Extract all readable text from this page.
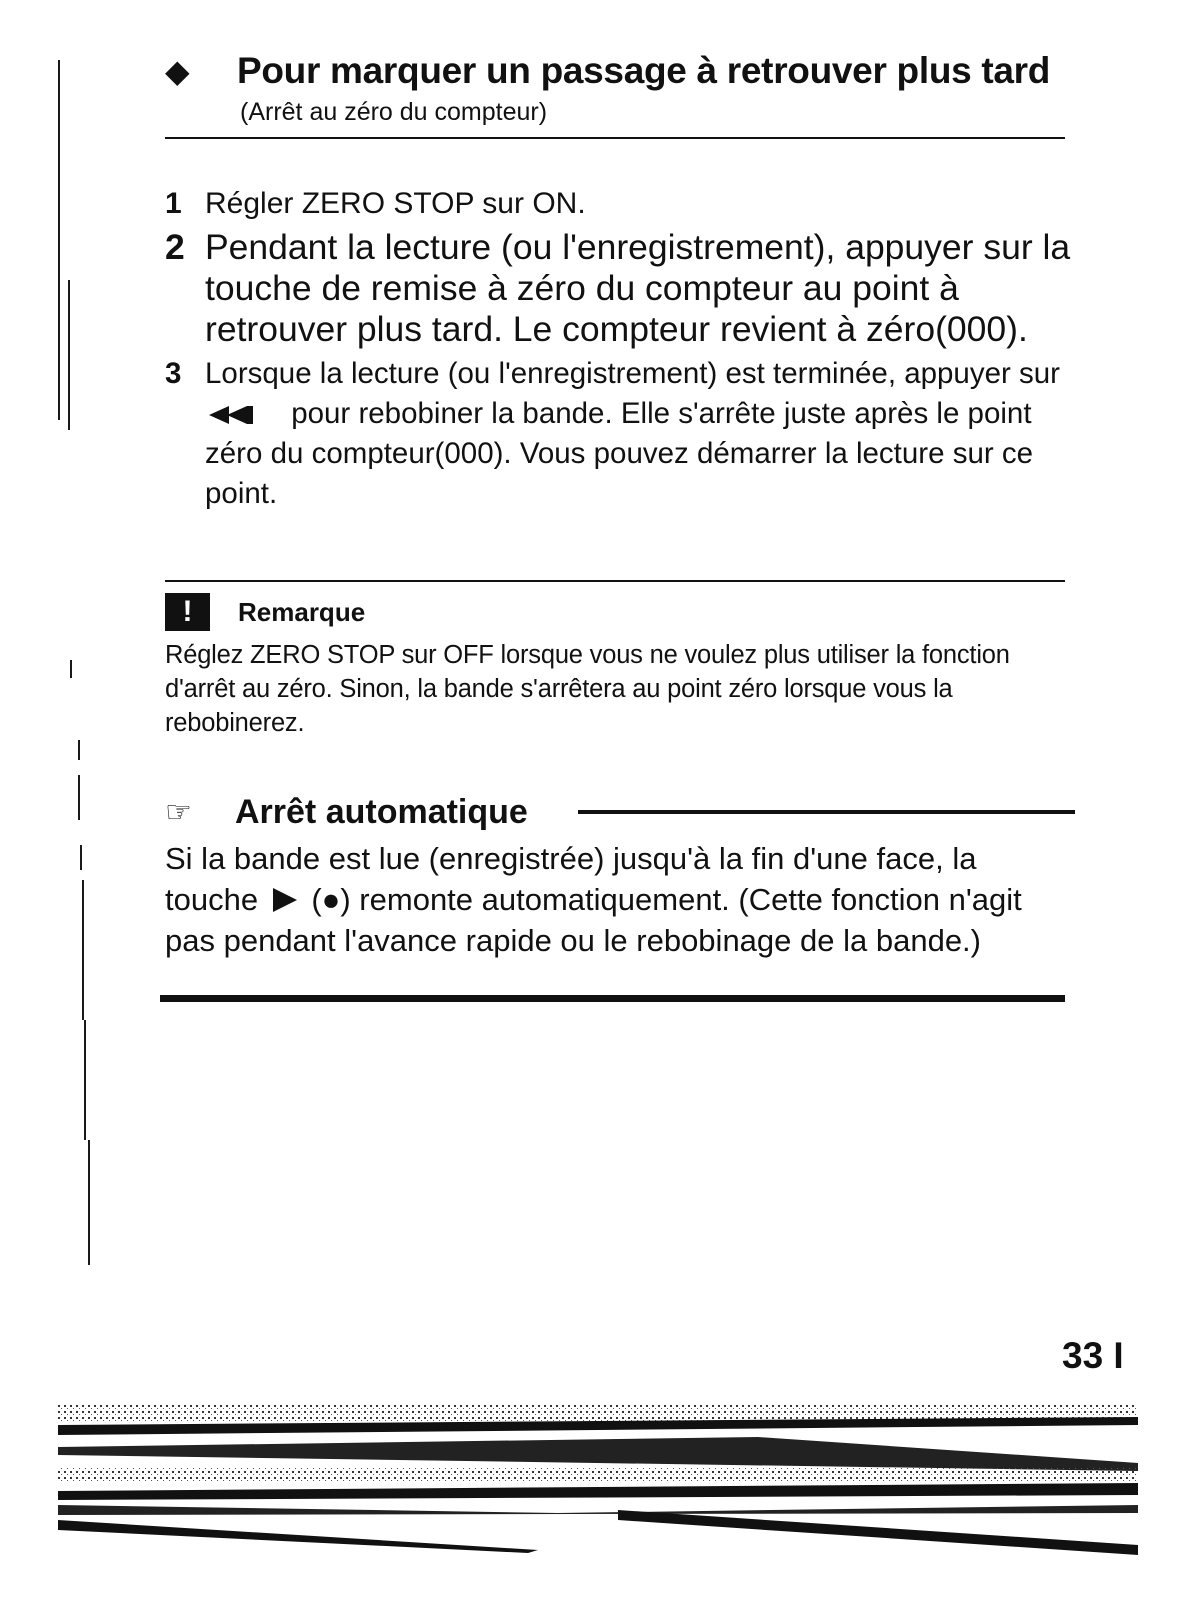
◆ Pour marquer un passage à retrouver plus tard
(Arrêt au zéro du compteur)
1 Régler ZERO STOP sur ON.
2 Pendant la lecture (ou l'enregistrement), appuyer sur la touche de remise à zéro du compteur au point à retrouver plus tard. Le compteur revient à zéro(000).
3 Lorsque la lecture (ou l'enregistrement) est terminée, appuyer sur  pour rebobiner la bande. Elle s'arrête juste après le point zéro du compteur(000). Vous pouvez démarrer la lecture sur ce point.
!	Remarque
Réglez ZERO STOP sur OFF lorsque vous ne voulez plus utiliser la fonction d'arrêt au zéro. Sinon, la bande s'arrêtera au point zéro lorsque vous la rebobinerez.
☞	Arrêt automatique
Si la bande est lue (enregistrée) jusqu'à la fin d'une face, la touche (●) remonte automatiquement. (Cette fonction n'agit pas pendant l'avance rapide ou le rebobinage de la bande.)
33 I
